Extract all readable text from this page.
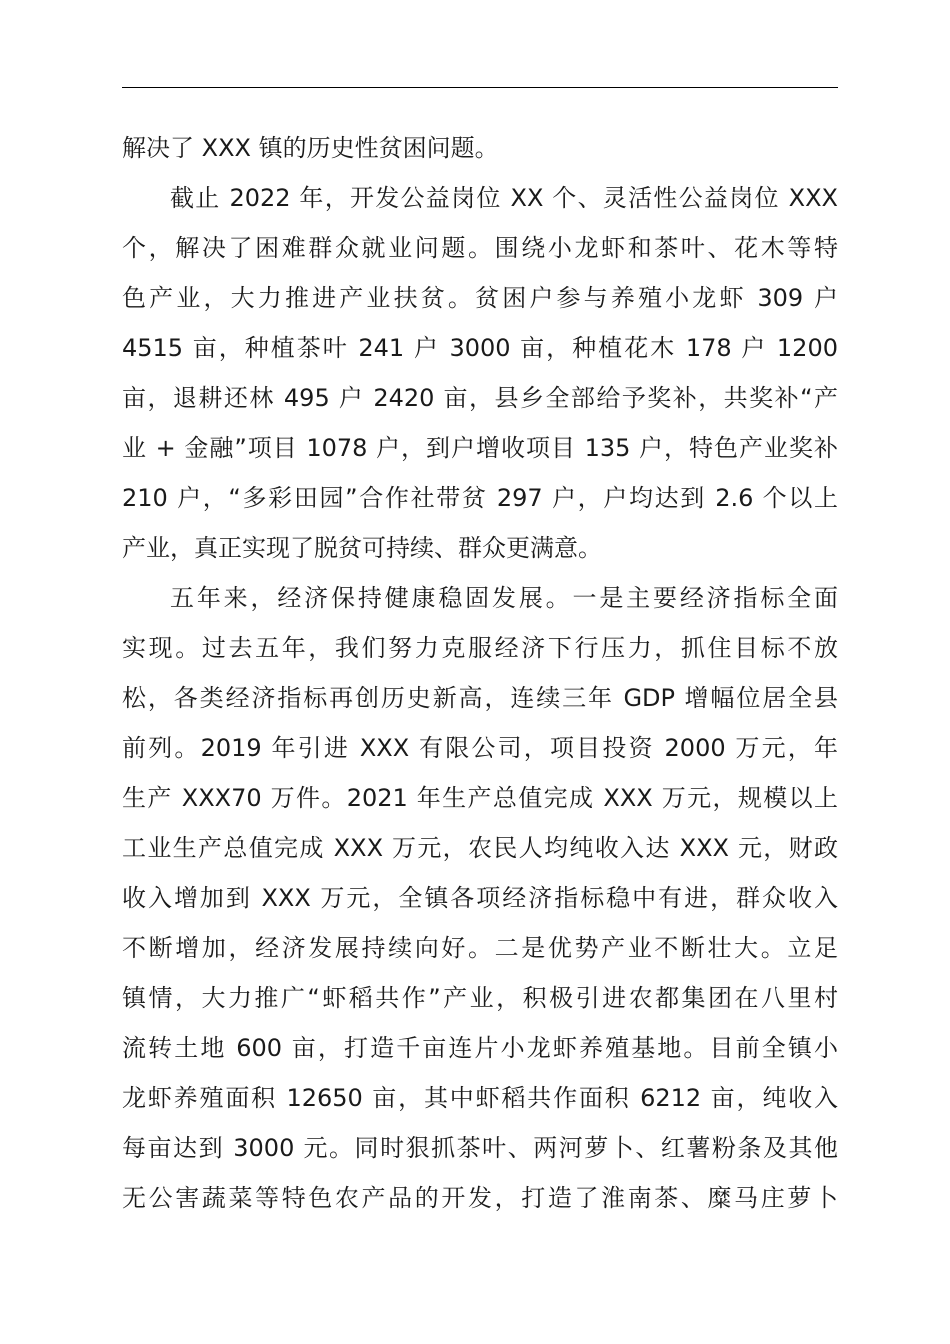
解决了 XXX 镇的历史性贫困问题。
截止 2022 年，开发公益岗位 XX 个、灵活性公益岗位 XXX
个，解决了困难群众就业问题。围绕小龙虾和茶叶、花木等特
色产业，大力推进产业扶贫。贫困户参与养殖小龙虾 309 户
4515 亩，种植茶叶 241 户 3000 亩，种植花木 178 户 1200
亩，退耕还林 495 户 2420 亩，县乡全部给予奖补，共奖补“产
业 + 金融”项目 1078 户，到户增收项目 135 户，特色产业奖补
210 户，“多彩田园”合作社带贫 297 户，户均达到 2.6 个以上
产业，真正实现了脱贫可持续、群众更满意。
五年来，经济保持健康稳固发展。一是主要经济指标全面
实现。过去五年，我们努力克服经济下行压力，抓住目标不放
松，各类经济指标再创历史新高，连续三年 GDP 增幅位居全县
前列。2019 年引进 XXX 有限公司，项目投资 2000 万元，年
生产 XXX70 万件。2021 年生产总值完成 XXX 万元，规模以上
工业生产总值完成 XXX 万元，农民人均纯收入达 XXX 元，财政
收入增加到 XXX 万元，全镇各项经济指标稳中有进，群众收入
不断增加，经济发展持续向好。二是优势产业不断壮大。立足
镇情，大力推广“虾稻共作”产业，积极引进农都集团在八里村
流转土地 600 亩，打造千亩连片小龙虾养殖基地。目前全镇小
龙虾养殖面积 12650 亩，其中虾稻共作面积 6212 亩，纯收入
每亩达到 3000 元。同时狠抓茶叶、两河萝卜、红薯粉条及其他
无公害蔬菜等特色农产品的开发，打造了淮南茶、糜马庄萝卜
